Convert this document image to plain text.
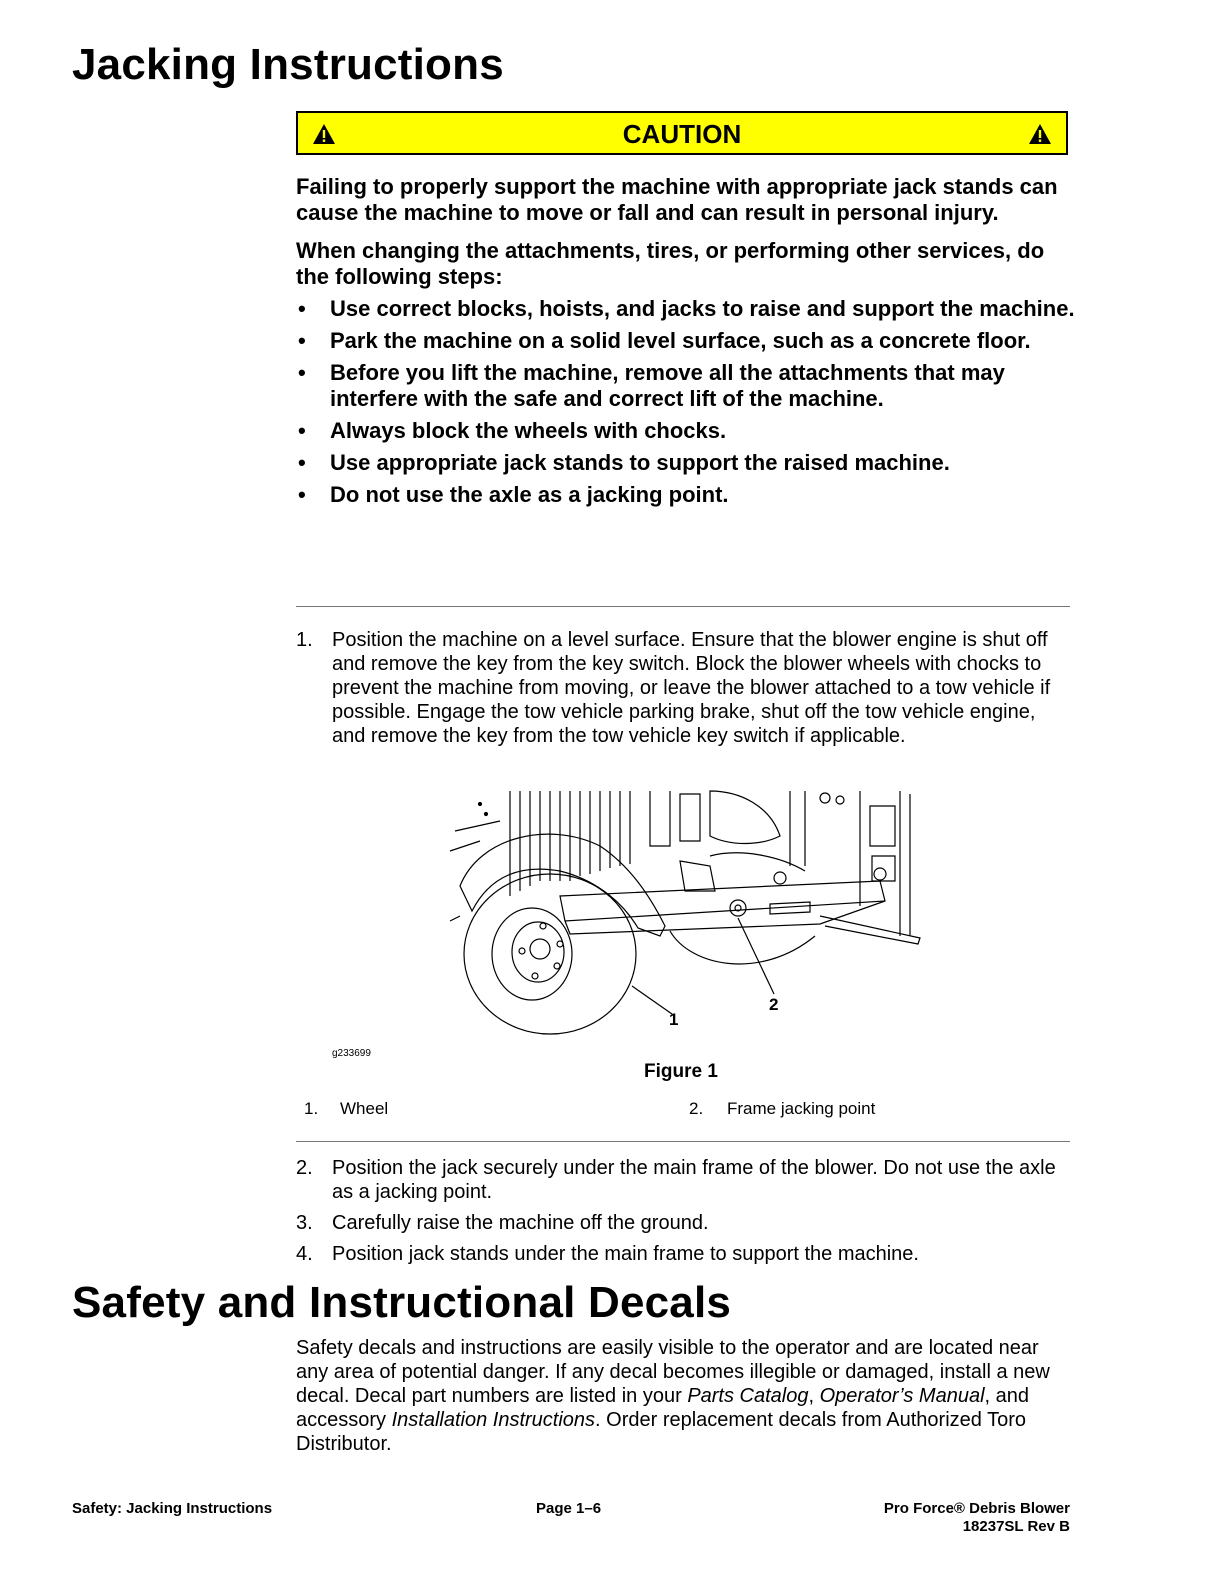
Jacking Instructions
CAUTION

Failing to properly support the machine with appropriate jack stands can cause the machine to move or fall and can result in personal injury.

When changing the attachments, tires, or performing other services, do the following steps:

• Use correct blocks, hoists, and jacks to raise and support the machine.
• Park the machine on a solid level surface, such as a concrete floor.
• Before you lift the machine, remove all the attachments that may interfere with the safe and correct lift of the machine.
• Always block the wheels with chocks.
• Use appropriate jack stands to support the raised machine.
• Do not use the axle as a jacking point.
1. Position the machine on a level surface. Ensure that the blower engine is shut off and remove the key from the key switch. Block the blower wheels with chocks to prevent the machine from moving, or leave the blower attached to a tow vehicle if possible. Engage the tow vehicle parking brake, shut off the tow vehicle engine, and remove the key from the tow vehicle key switch if applicable.
1
2
g233699
Figure 1
1. Wheel	2. Frame jacking point
2. Position the jack securely under the main frame of the blower. Do not use the axle as a jacking point.
3. Carefully raise the machine off the ground.
4. Position jack stands under the main frame to support the machine.
Safety and Instructional Decals

Safety decals and instructions are easily visible to the operator and are located near any area of potential danger. If any decal becomes illegible or damaged, install a new decal. Decal part numbers are listed in your Parts Catalog, Operator’s Manual, and accessory Installation Instructions. Order replacement decals from Authorized Toro Distributor.

Safety: Jacking Instructions	Page 1–6	Pro Force® Debris Blower
18237SL Rev B
